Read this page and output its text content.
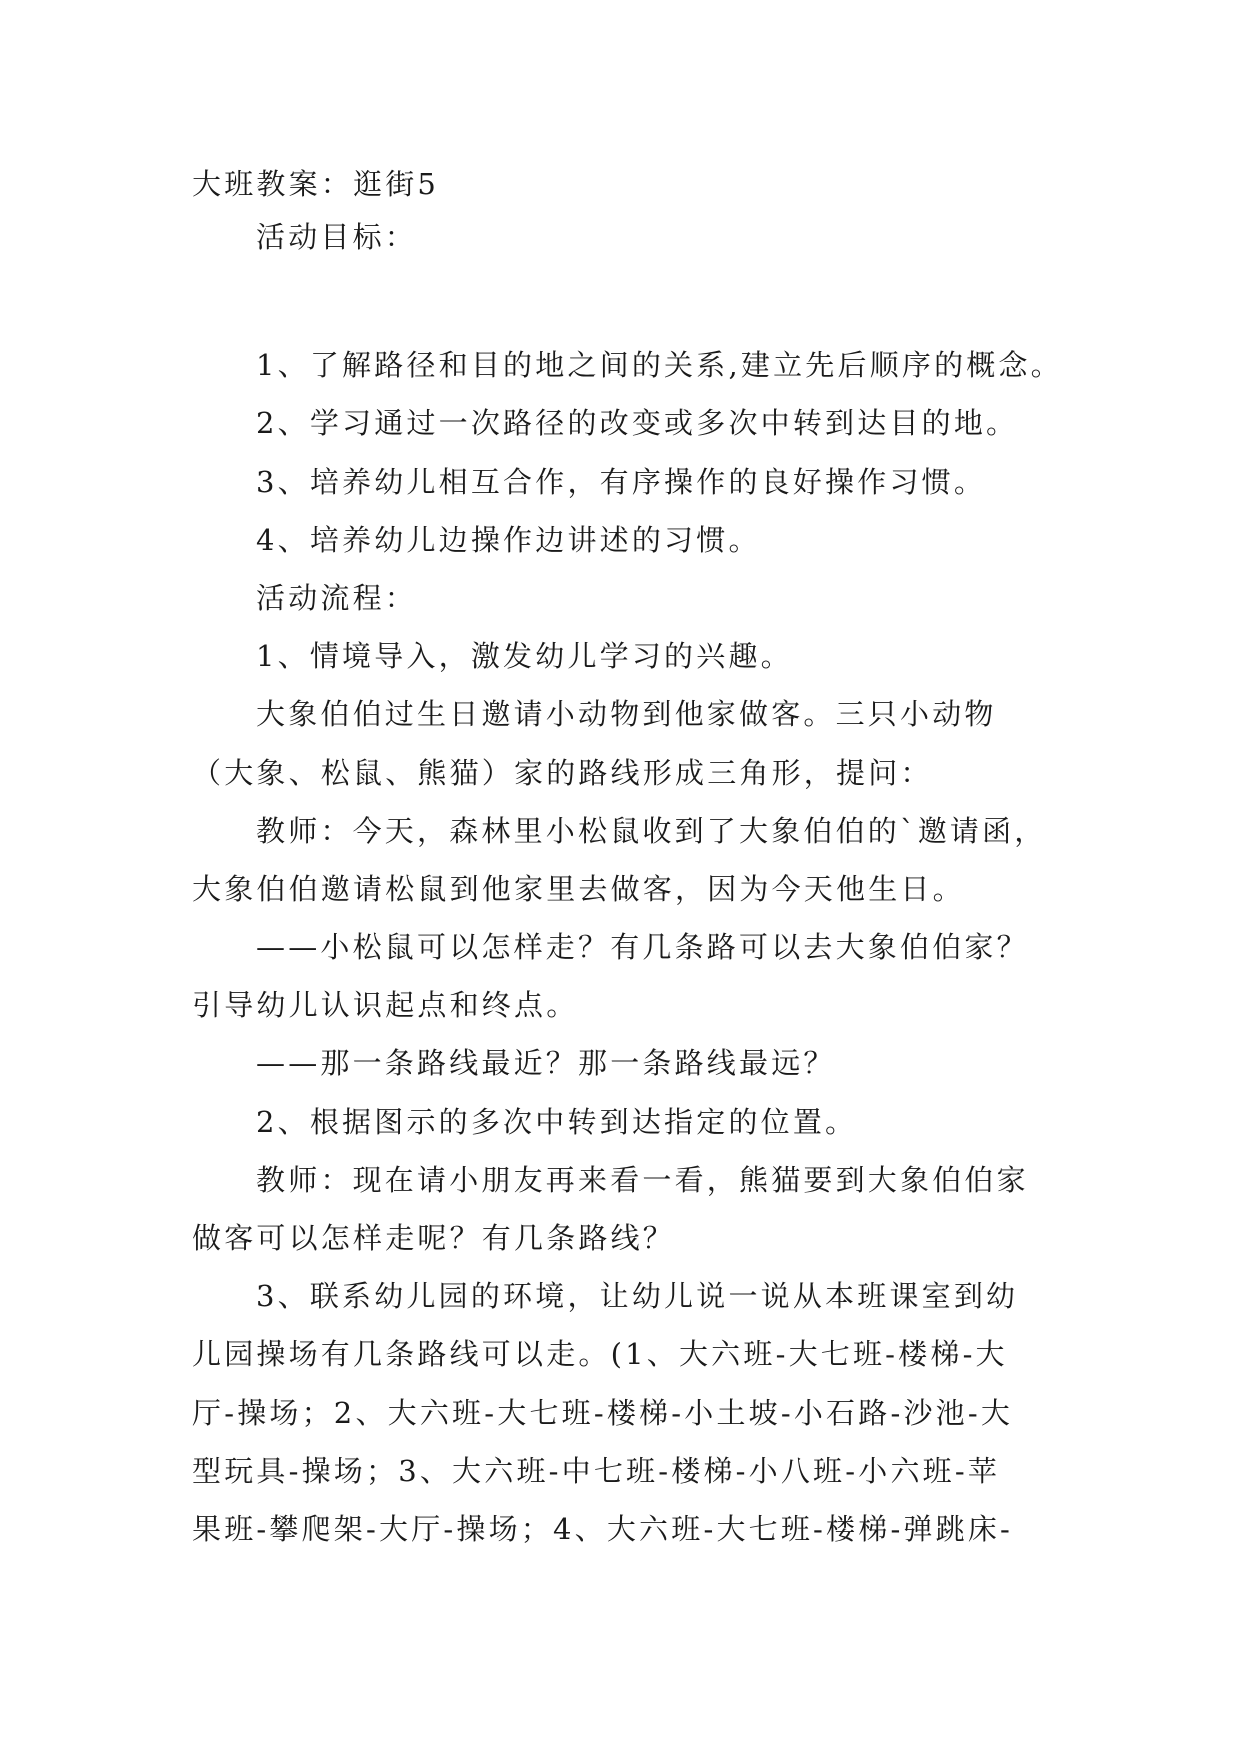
大班教案：逛街5
活动目标：
1、了解路径和目的地之间的关系,建立先后顺序的概念。
2、学习通过一次路径的改变或多次中转到达目的地。
3、培养幼儿相互合作，有序操作的良好操作习惯。
4、培养幼儿边操作边讲述的习惯。
活动流程：
1、情境导入，激发幼儿学习的兴趣。
大象伯伯过生日邀请小动物到他家做客。三只小动物
（大象、松鼠、熊猫）家的路线形成三角形，提问：
教师：今天，森林里小松鼠收到了大象伯伯的`邀请函，
大象伯伯邀请松鼠到他家里去做客，因为今天他生日。
——小松鼠可以怎样走？有几条路可以去大象伯伯家？
引导幼儿认识起点和终点。
——那一条路线最近？那一条路线最远？
2、根据图示的多次中转到达指定的位置。
教师：现在请小朋友再来看一看，熊猫要到大象伯伯家
做客可以怎样走呢？有几条路线？
3、联系幼儿园的环境，让幼儿说一说从本班课室到幼
儿园操场有几条路线可以走。(1、大六班-大七班-楼梯-大
厅-操场；2、大六班-大七班-楼梯-小土坡-小石路-沙池-大
型玩具-操场；3、大六班-中七班-楼梯-小八班-小六班-苹
果班-攀爬架-大厅-操场；4、大六班-大七班-楼梯-弹跳床-
